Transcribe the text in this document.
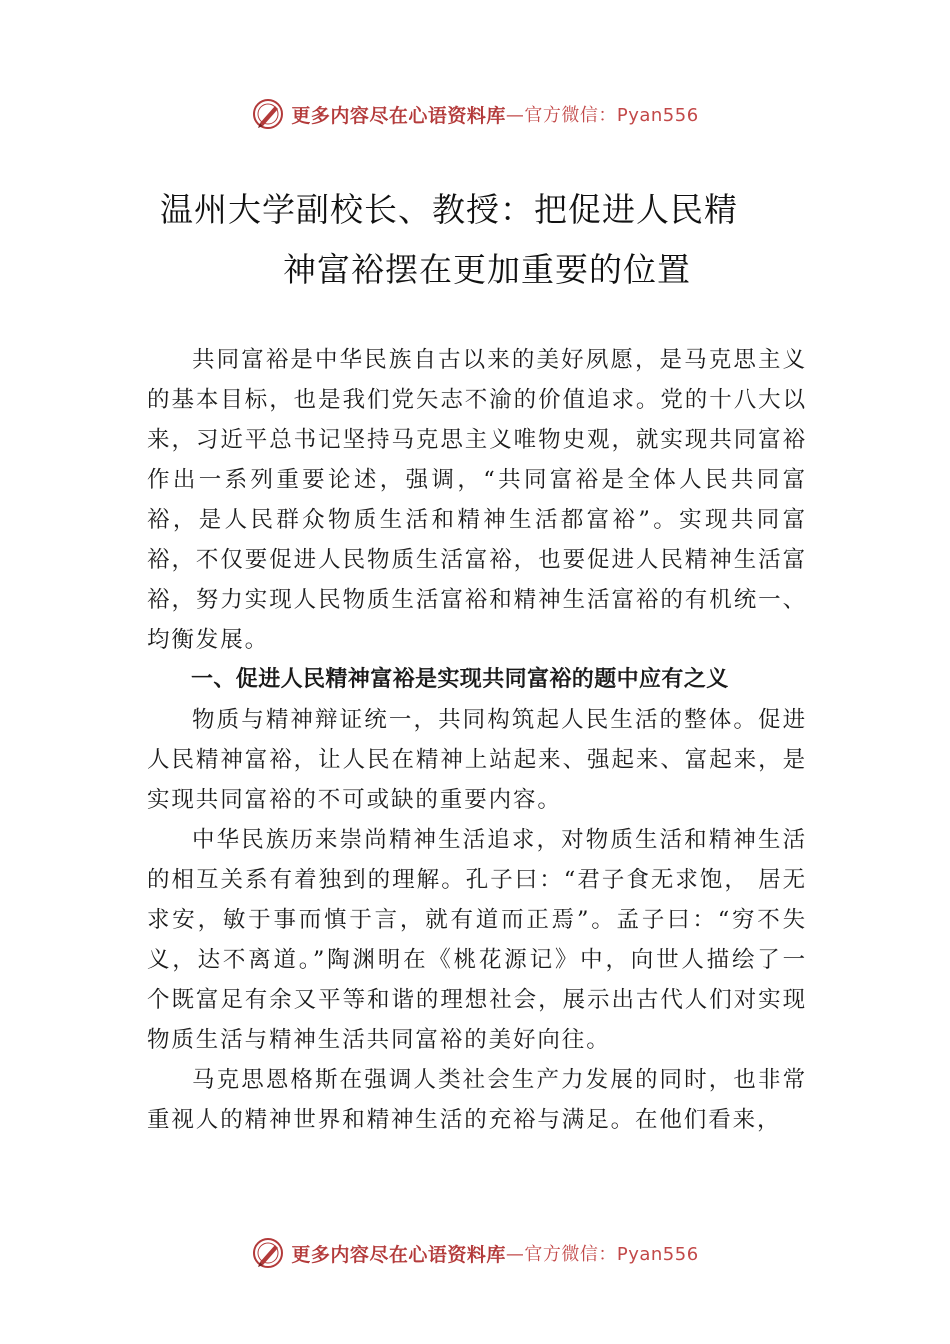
更多内容尽在心语资料库 —官方微信：Pyan556
温州大学副校长、教授：把促进人民精
神富裕摆在更加重要的位置

共同富裕是中华民族自古以来的美好夙愿，是马克思主义的基本目标，也是我们党矢志不渝的价值追求。党的十八大以来，习近平总书记坚持马克思主义唯物史观，就实现共同富裕作出一系列重要论述，强调，“共同富裕是全体人民共同富裕，是人民群众物质生活和精神生活都富裕”。实现共同富裕，不仅要促进人民物质生活富裕，也要促进人民精神生活富裕，努力实现人民物质生活富裕和精神生活富裕的有机统一、均衡发展。

一、促进人民精神富裕是实现共同富裕的题中应有之义

物质与精神辩证统一，共同构筑起人民生活的整体。促进人民精神富裕，让人民在精神上站起来、强起来、富起来，是实现共同富裕的不可或缺的重要内容。

中华民族历来崇尚精神生活追求，对物质生活和精神生活的相互关系有着独到的理解。孔子曰：“君子食无求饱， 居无求安，敏于事而慎于言，就有道而正焉”。孟子曰：“穷不失义，达不离道。”陶渊明在《桃花源记》中，向世人描绘了一个既富足有余又平等和谐的理想社会，展示出古代人们对实现物质生活与精神生活共同富裕的美好向往。

马克思恩格斯在强调人类社会生产力发展的同时，也非常重视人的精神世界和精神生活的充裕与满足。在他们看来，

更多内容尽在心语资料库 —官方微信：Pyan556
